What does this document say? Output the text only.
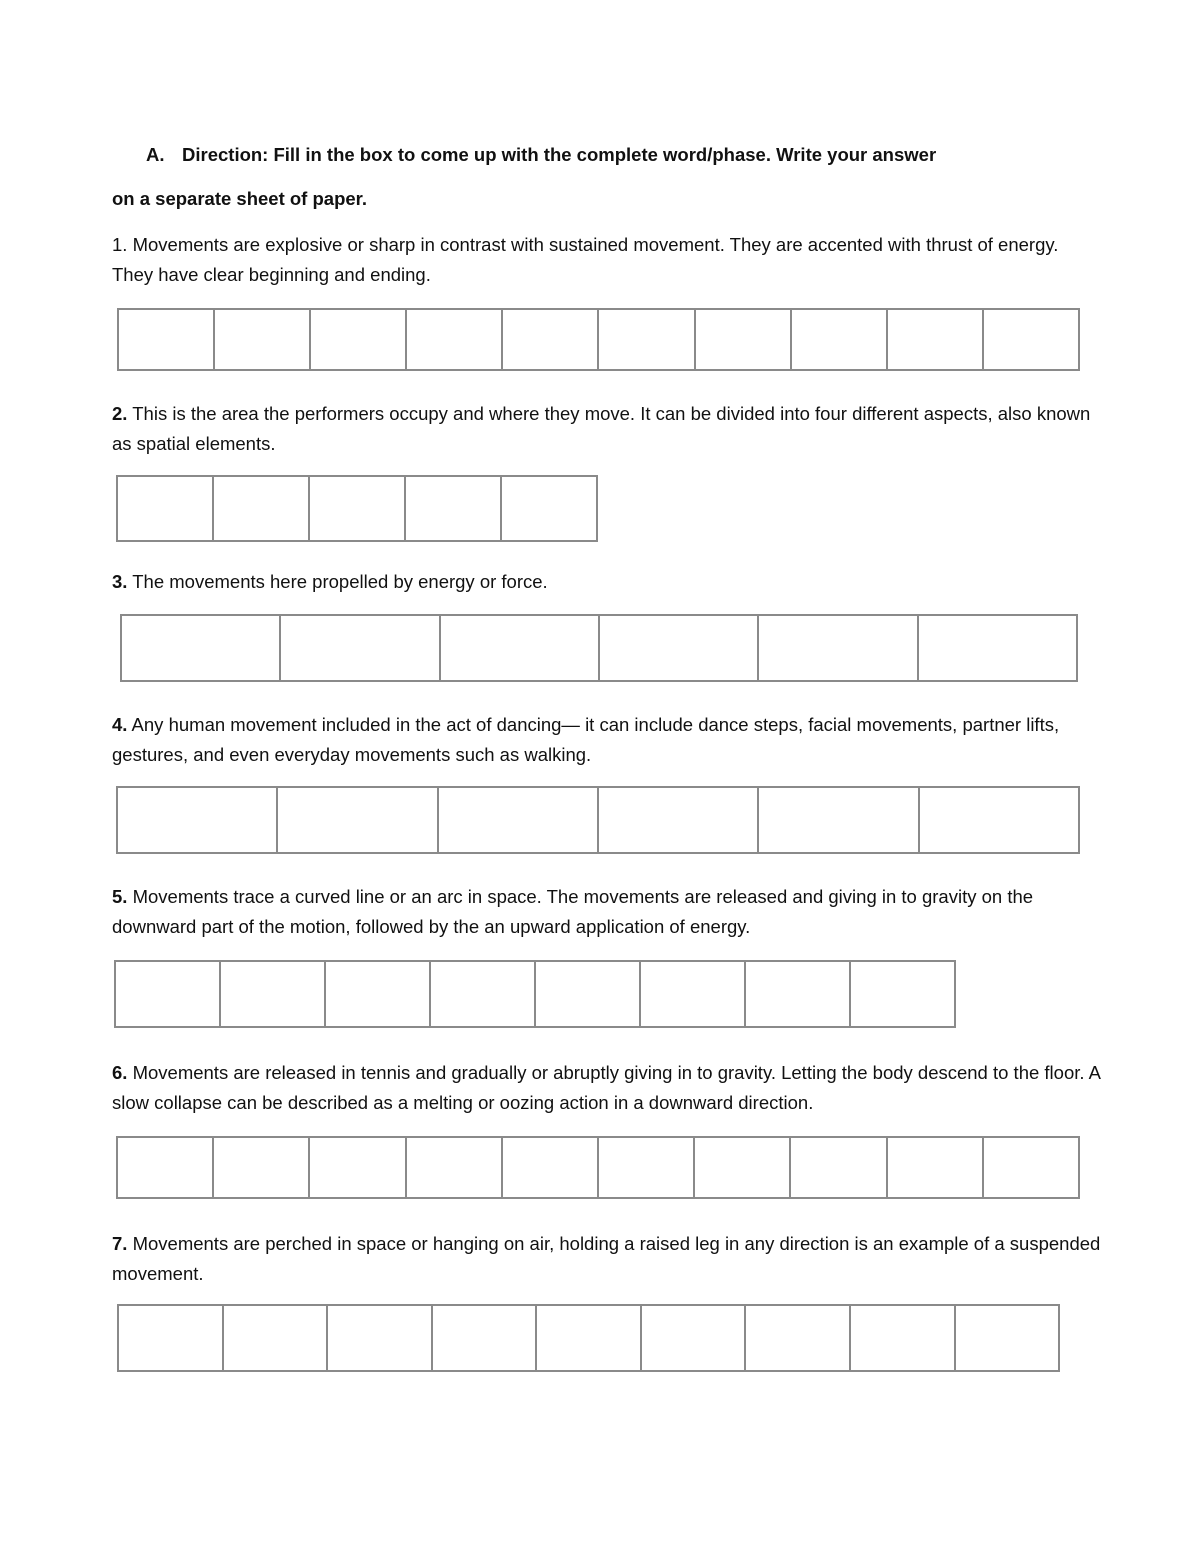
A. Direction: Fill in the box to come up with the complete word/phase. Write your answer
on a separate sheet of paper.
1. Movements are explosive or sharp in contrast with sustained movement. They are accented with thrust of energy. They have clear beginning and ending.
2. This is the area the performers occupy and where they move. It can be divided into four different aspects, also known as spatial elements.
3. The movements here propelled by energy or force.
4. Any human movement included in the act of dancing— it can include dance steps, facial movements, partner lifts, gestures, and even everyday movements such as walking.
5. Movements trace a curved line or an arc in space. The movements are released and giving in to gravity on the downward part of the motion, followed by the an upward application of energy.
6. Movements are released in tennis and gradually or abruptly giving in to gravity. Letting the body descend to the floor. A slow collapse can be described as a melting or oozing action in a downward direction.
7. Movements are perched in space or hanging on air, holding a raised leg in any direction is an example of a suspended movement.
